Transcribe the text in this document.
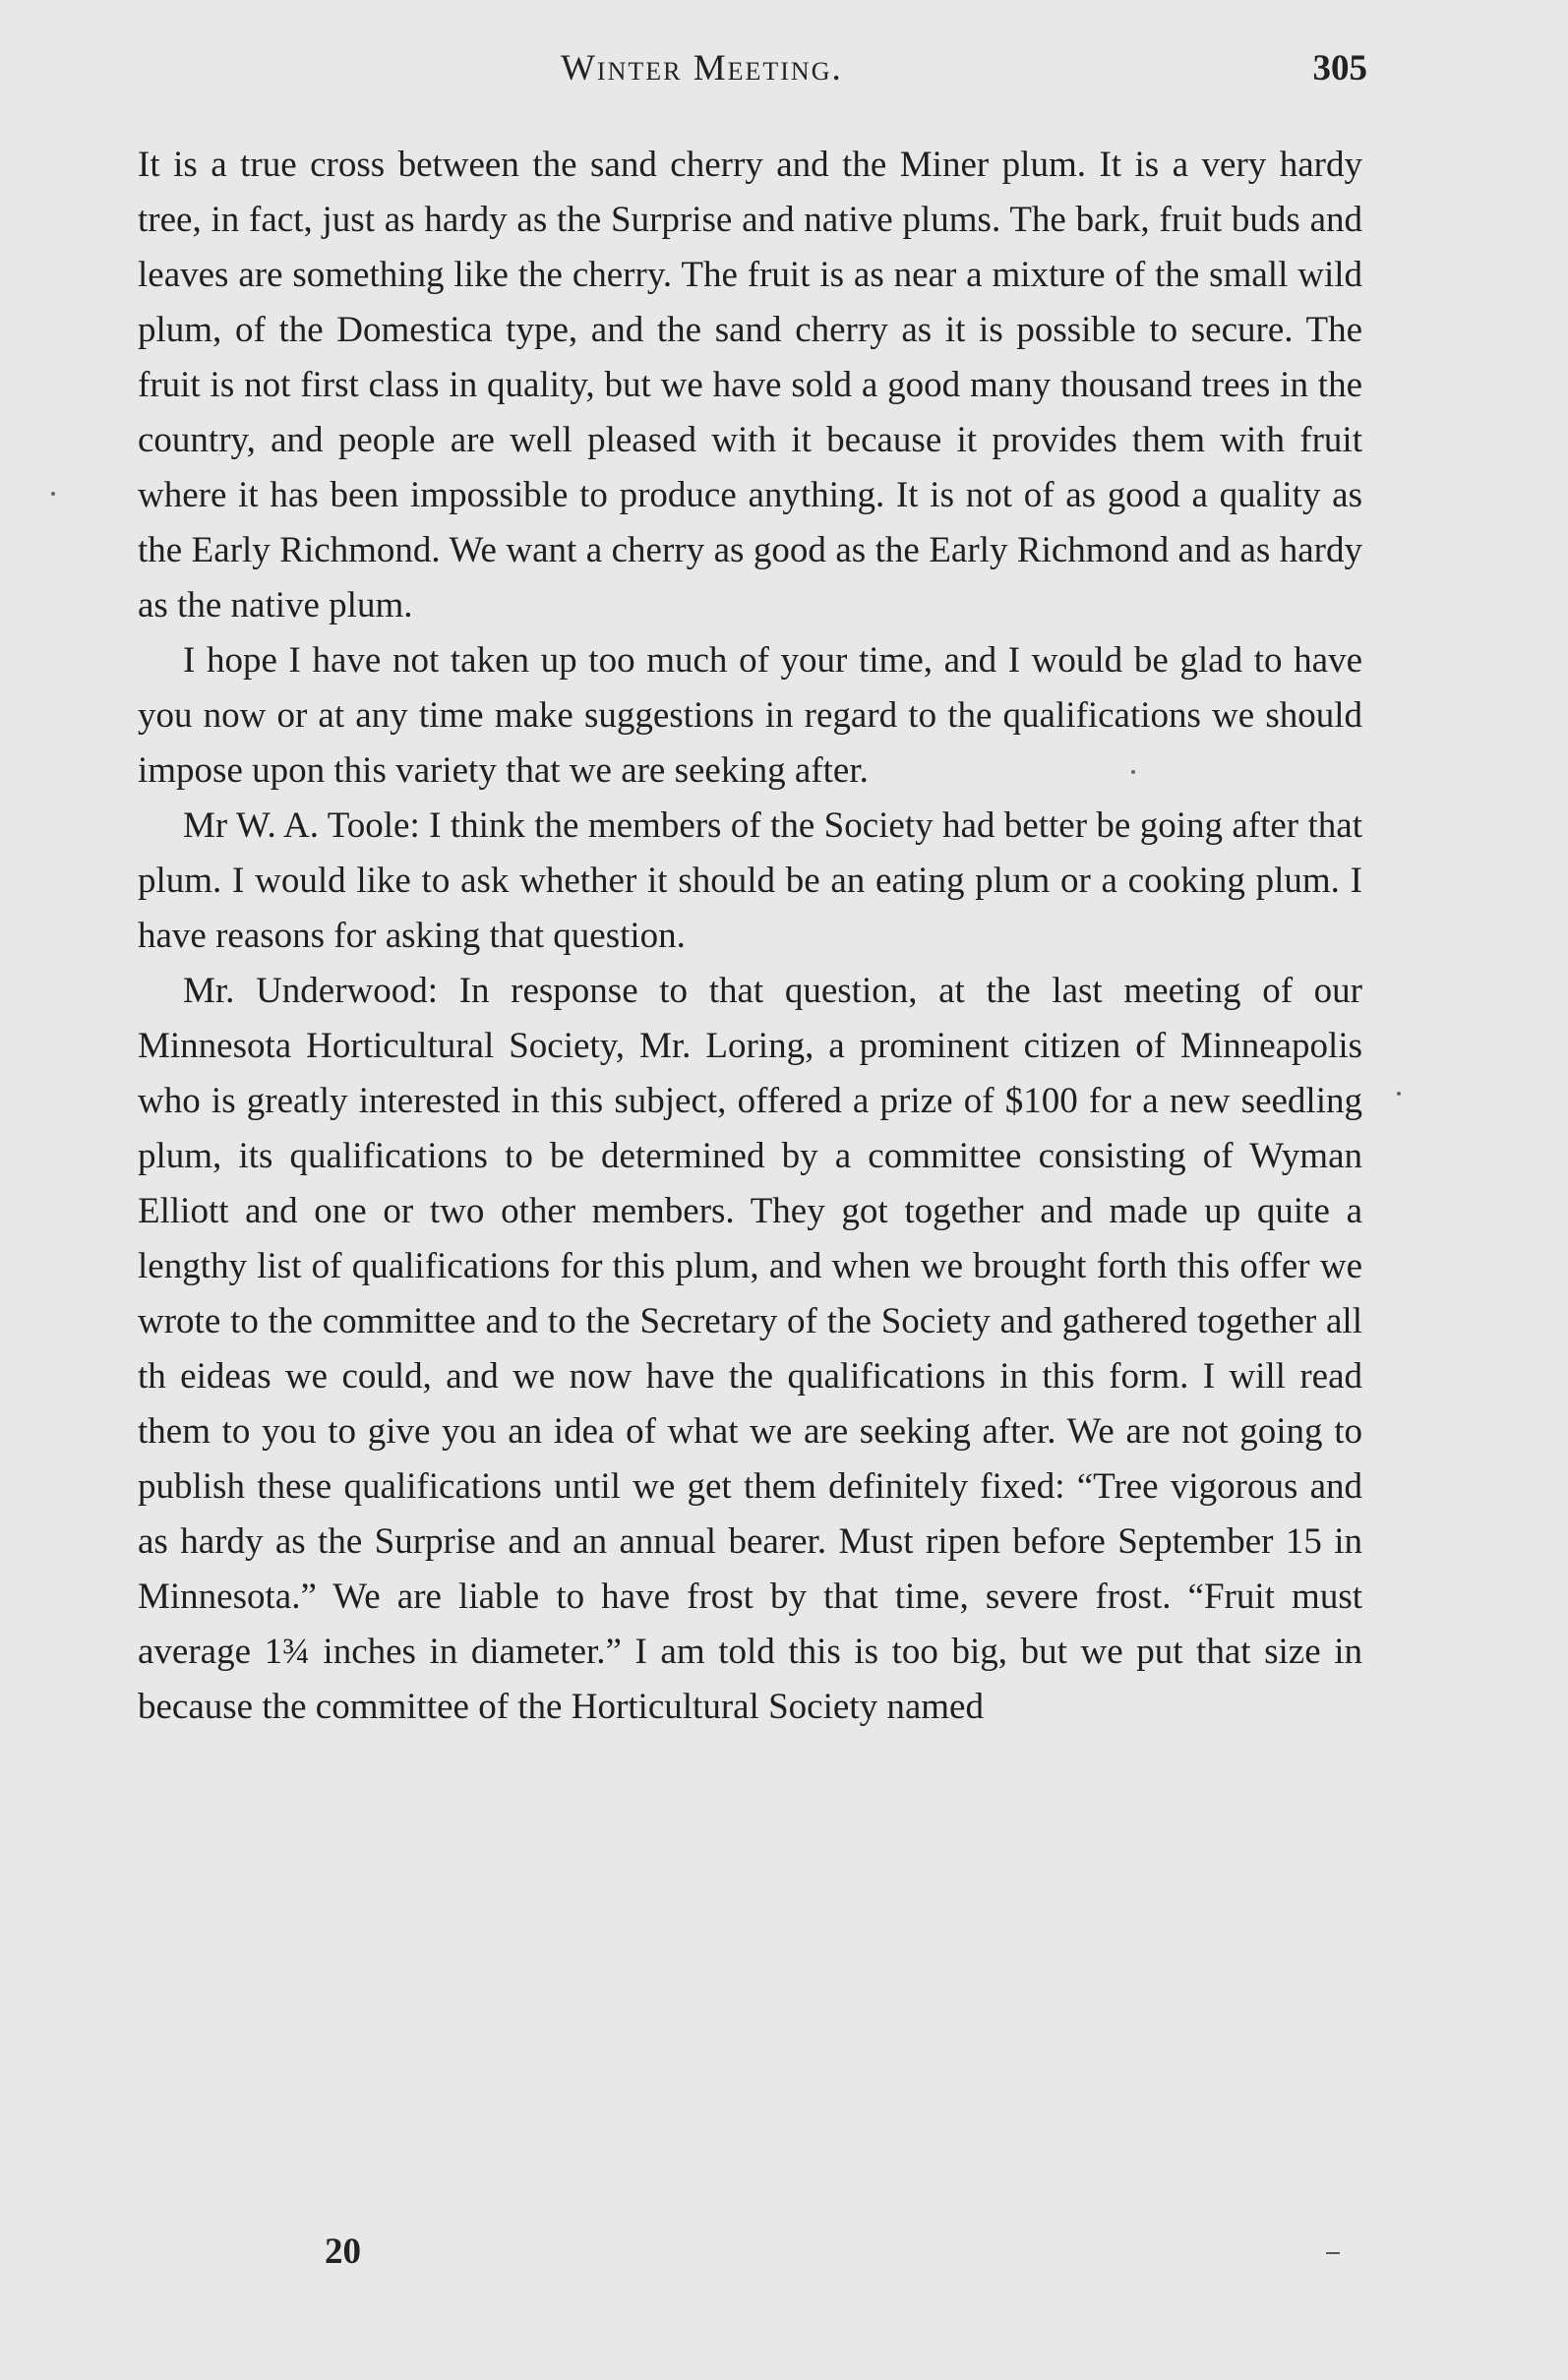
Winter Meeting.	305

It is a true cross between the sand cherry and the Miner plum. It is a very hardy tree, in fact, just as hardy as the Surprise and native plums. The bark, fruit buds and leaves are something like the cherry. The fruit is as near a mixture of the small wild plum, of the Domestica type, and the sand cherry as it is possible to secure. The fruit is not first class in quality, but we have sold a good many thousand trees in the country, and people are well pleased with it because it provides them with fruit where it has been impossible to produce anything. It is not of as good a quality as the Early Richmond. We want a cherry as good as the Early Richmond and as hardy as the native plum.

I hope I have not taken up too much of your time, and I would be glad to have you now or at any time make suggestions in regard to the qualifications we should impose upon this variety that we are seeking after.

Mr W. A. Toole: I think the members of the Society had better be going after that plum. I would like to ask whether it should be an eating plum or a cooking plum. I have reasons for asking that question.

Mr. Underwood: In response to that question, at the last meeting of our Minnesota Horticultural Society, Mr. Loring, a prominent citizen of Minneapolis who is greatly interested in this subject, offered a prize of $100 for a new seedling plum, its qualifications to be determined by a committee consisting of Wyman Elliott and one or two other members. They got together and made up quite a lengthy list of qualifications for this plum, and when we brought forth this offer we wrote to the committee and to the Secretary of the Society and gathered together all th eideas we could, and we now have the qualifications in this form. I will read them to you to give you an idea of what we are seeking after. We are not going to publish these qualifications until we get them definitely fixed: “Tree vigorous and as hardy as the Surprise and an annual bearer. Must ripen before September 15 in Minnesota.” We are liable to have frost by that time, severe frost. “Fruit must average 1¾ inches in diameter.” I am told this is too big, but we put that size in because the committee of the Horticultural Society named

20
